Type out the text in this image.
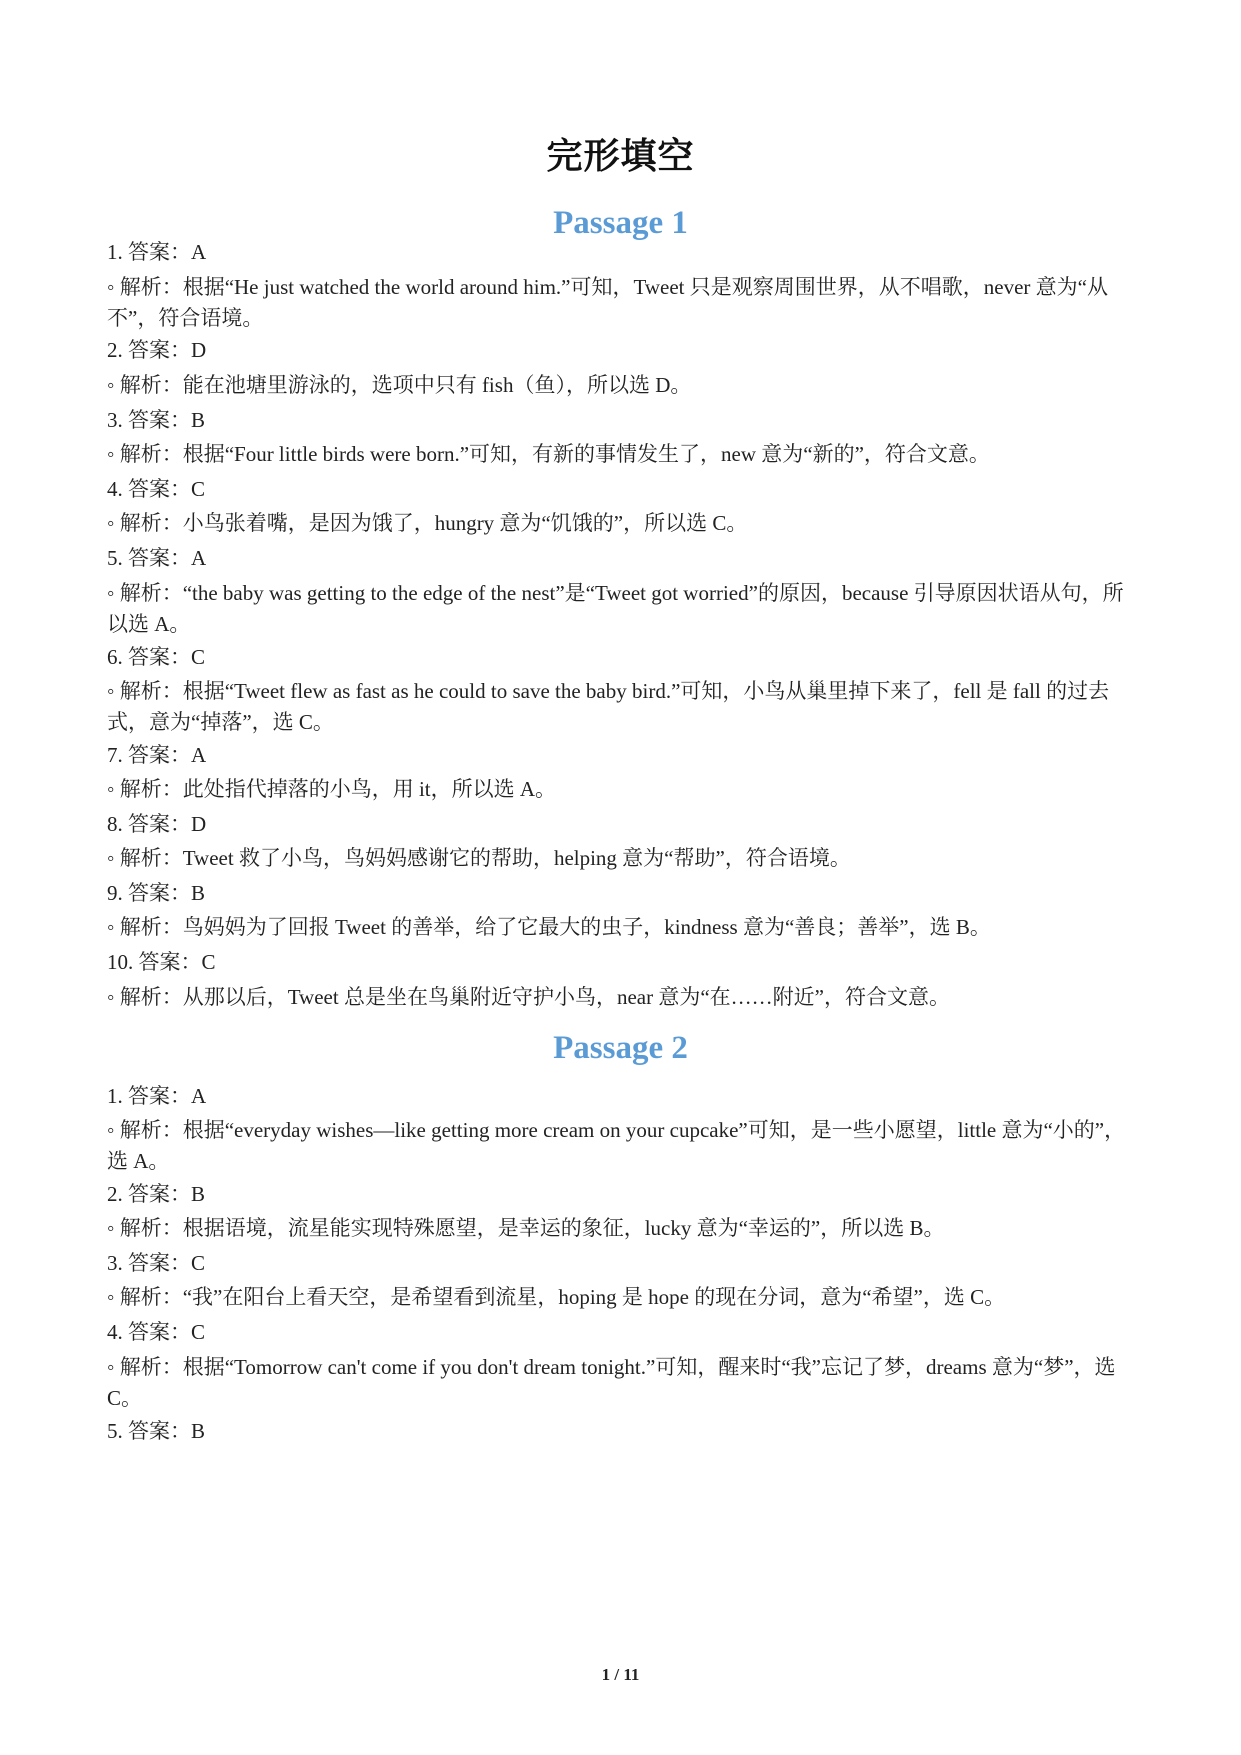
完形填空
Passage 1
1. 答案：A
◦ 解析：根据“He just watched the world around him.”可知，Tweet 只是观察周围世界，从不唱歌，never 意为“从不”，符合语境。
2. 答案：D
◦ 解析：能在池塘里游泳的，选项中只有 fish（鱼），所以选 D。
3. 答案：B
◦ 解析：根据“Four little birds were born.”可知，有新的事情发生了，new 意为“新的”，符合文意。
4. 答案：C
◦ 解析：小鸟张着嘴，是因为饿了，hungry 意为“饥饿的”，所以选 C。
5. 答案：A
◦ 解析：“the baby was getting to the edge of the nest”是“Tweet got worried”的原因，because 引导原因状语从句，所以选 A。
6. 答案：C
◦ 解析：根据“Tweet flew as fast as he could to save the baby bird.”可知，小鸟从巢里掉下来了，fell 是 fall 的过去式，意为“掉落”，选 C。
7. 答案：A
◦ 解析：此处指代掉落的小鸟，用 it，所以选 A。
8. 答案：D
◦ 解析：Tweet 救了小鸟，鸟妈妈感谢它的帮助，helping 意为“帮助”，符合语境。
9. 答案：B
◦ 解析：鸟妈妈为了回报 Tweet 的善举，给了它最大的虫子，kindness 意为“善良；善举”，选 B。
10. 答案：C
◦ 解析：从那以后，Tweet 总是坐在鸟巢附近守护小鸟，near 意为“在……附近”，符合文意。
Passage 2
1. 答案：A
◦ 解析：根据“everyday wishes—like getting more cream on your cupcake”可知，是一些小愿望，little 意为“小的”，选 A。
2. 答案：B
◦ 解析：根据语境，流星能实现特殊愿望，是幸运的象征，lucky 意为“幸运的”，所以选 B。
3. 答案：C
◦ 解析：“我”在阳台上看天空，是希望看到流星，hoping 是 hope 的现在分词，意为“希望”，选 C。
4. 答案：C
◦ 解析：根据“Tomorrow can't come if you don't dream tonight.”可知，醒来时“我”忘记了梦，dreams 意为“梦”，选 C。
5. 答案：B
1 / 11
